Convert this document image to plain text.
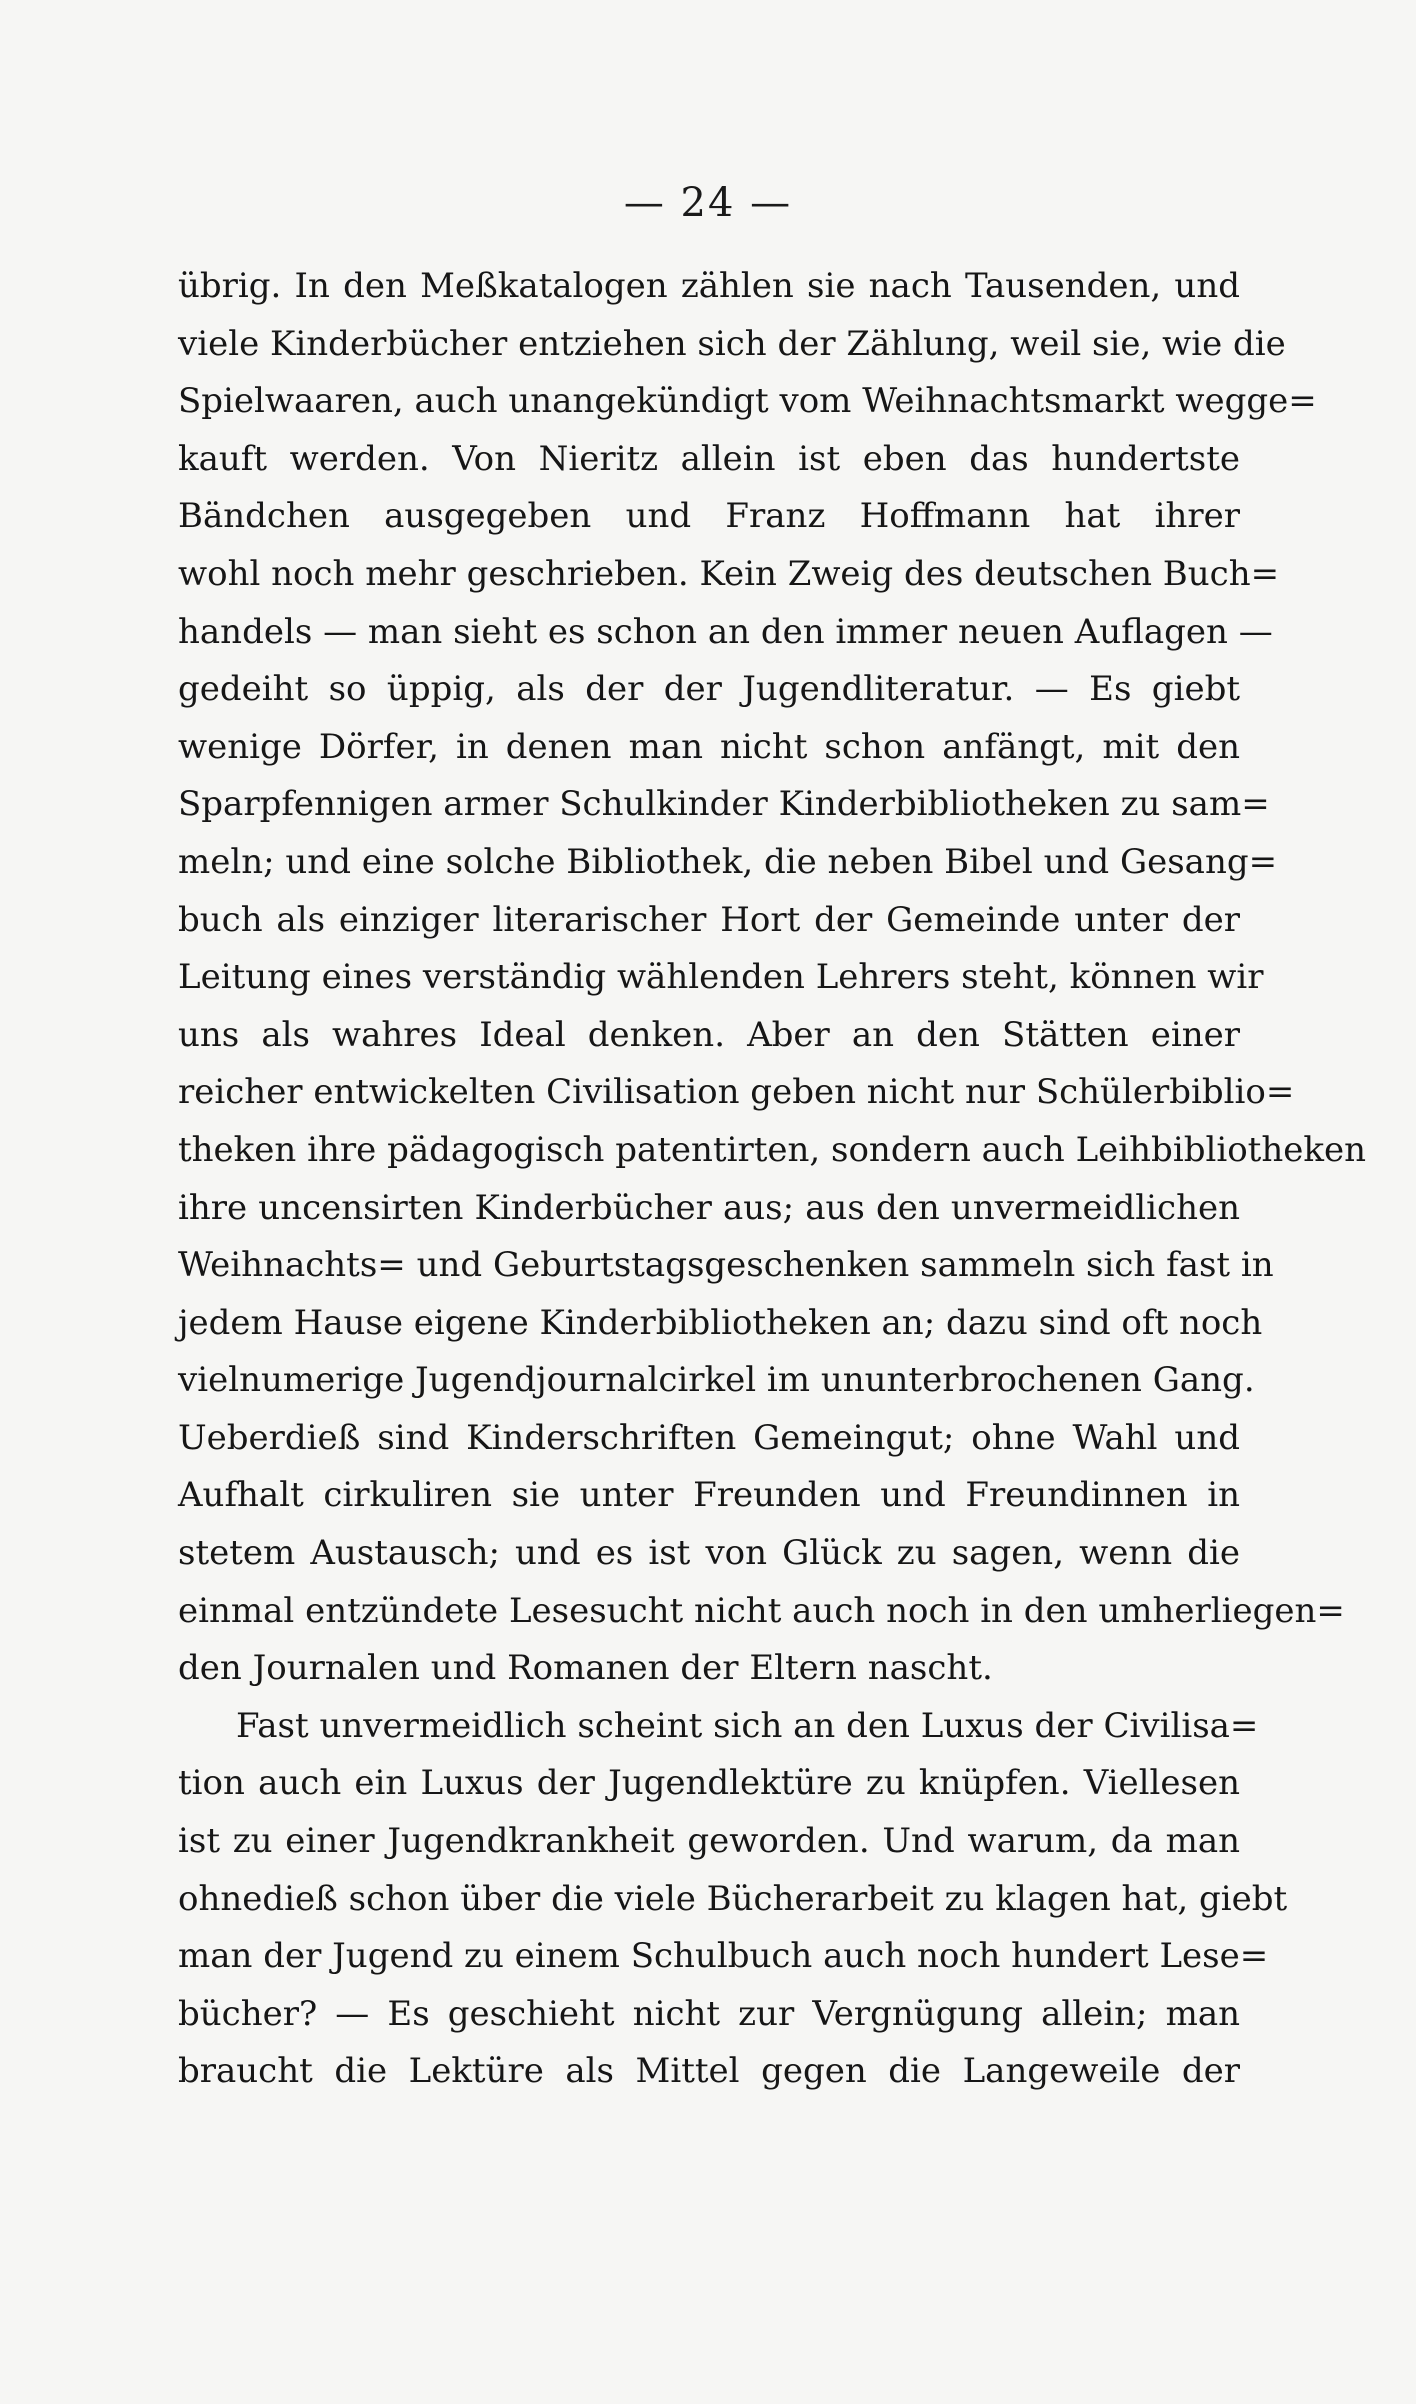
— 24 —
übrig. In den Meßkatalogen zählen sie nach Tausenden, und
viele Kinderbücher entziehen sich der Zählung, weil sie, wie die
Spielwaaren, auch unangekündigt vom Weihnachtsmarkt wegge=
kauft werden. Von Nieritz allein ist eben das hundertste
Bändchen ausgegeben und Franz Hoffmann hat ihrer
wohl noch mehr geschrieben. Kein Zweig des deutschen Buch=
handels — man sieht es schon an den immer neuen Auflagen —
gedeiht so üppig, als der der Jugendliteratur. — Es giebt
wenige Dörfer, in denen man nicht schon anfängt, mit den
Sparpfennigen armer Schulkinder Kinderbibliotheken zu sam=
meln; und eine solche Bibliothek, die neben Bibel und Gesang=
buch als einziger literarischer Hort der Gemeinde unter der
Leitung eines verständig wählenden Lehrers steht, können wir
uns als wahres Ideal denken. Aber an den Stätten einer
reicher entwickelten Civilisation geben nicht nur Schülerbiblio=
theken ihre pädagogisch patentirten, sondern auch Leihbibliotheken
ihre uncensirten Kinderbücher aus; aus den unvermeidlichen
Weihnachts= und Geburtstagsgeschenken sammeln sich fast in
jedem Hause eigene Kinderbibliotheken an; dazu sind oft noch
vielnumerige Jugendjournalcirkel im ununterbrochenen Gang.
Ueberdieß sind Kinderschriften Gemeingut; ohne Wahl und
Aufhalt cirkuliren sie unter Freunden und Freundinnen in
stetem Austausch; und es ist von Glück zu sagen, wenn die
einmal entzündete Lesesucht nicht auch noch in den umherliegen=
den Journalen und Romanen der Eltern nascht.
Fast unvermeidlich scheint sich an den Luxus der Civilisa=
tion auch ein Luxus der Jugendlektüre zu knüpfen. Viellesen
ist zu einer Jugendkrankheit geworden. Und warum, da man
ohnedieß schon über die viele Bücherarbeit zu klagen hat, giebt
man der Jugend zu einem Schulbuch auch noch hundert Lese=
bücher? — Es geschieht nicht zur Vergnügung allein; man
braucht die Lektüre als Mittel gegen die Langeweile der
